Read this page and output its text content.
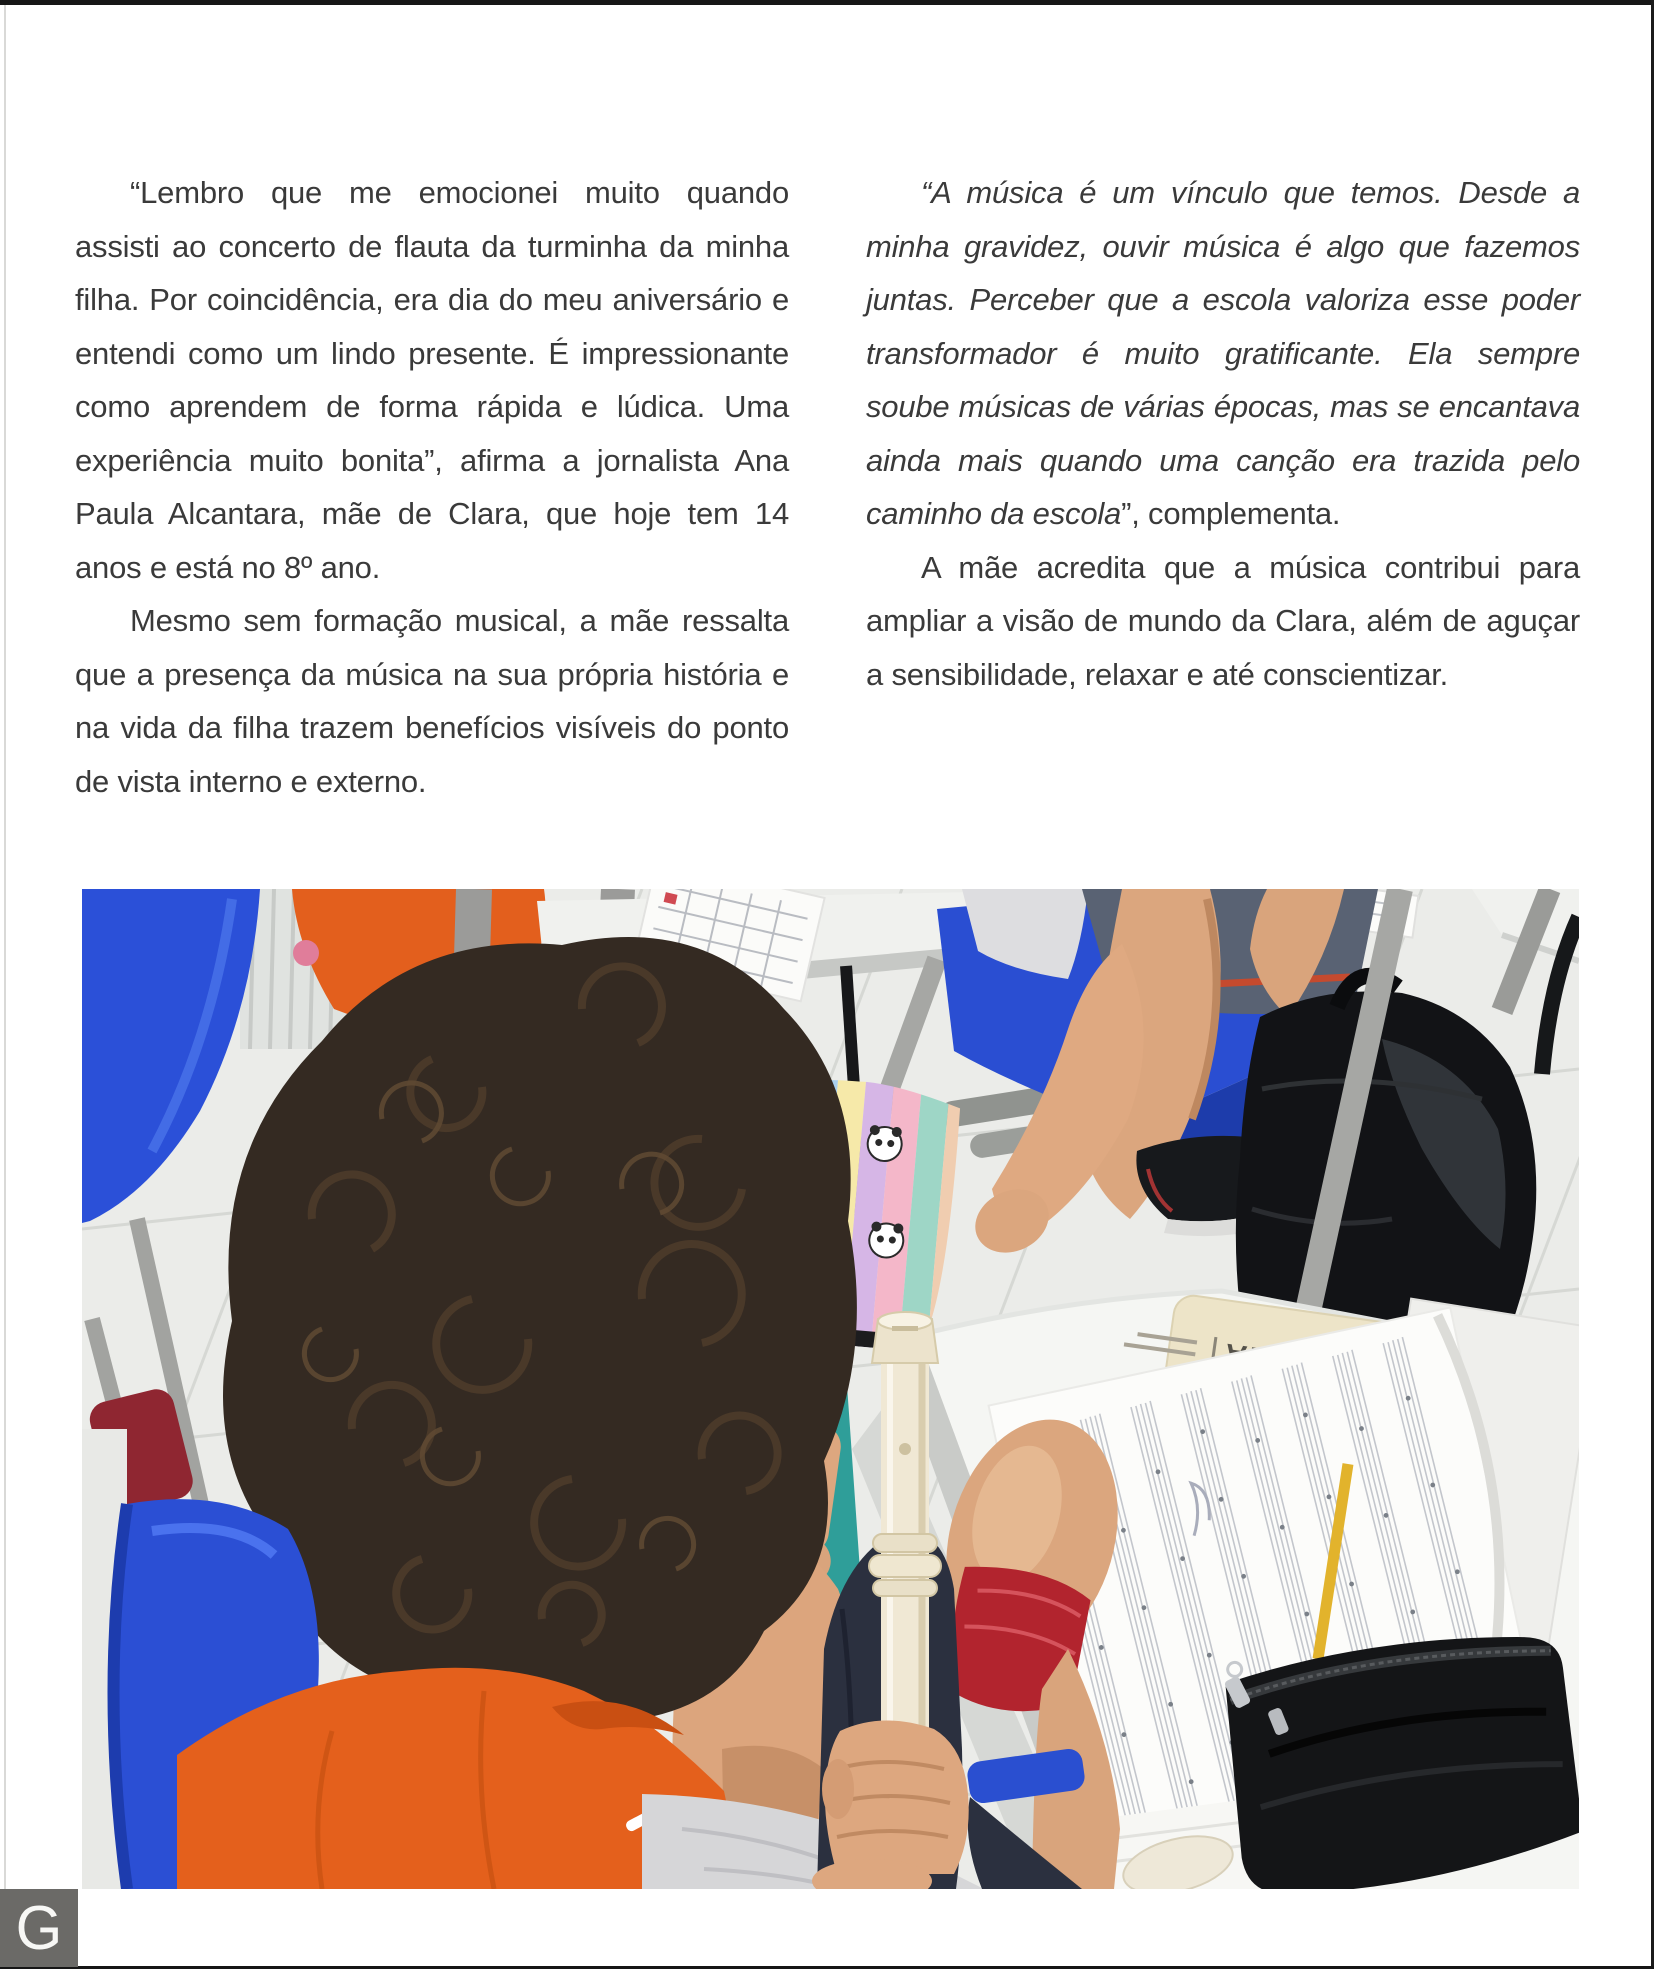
“Lembro que me emocionei muito quando assisti ao concerto de flauta da turminha da minha filha. Por coincidência, era dia do meu aniversário e entendi como um lindo presente. É impressionante como aprendem de forma rápida e lúdica. Uma experiência muito bonita”, afirma a jornalista Ana Paula Alcantara, mãe de Clara, que hoje tem 14 anos e está no 8º ano.

Mesmo sem formação musical, a mãe ressalta que a presença da música na sua própria história e na vida da filha trazem benefícios visíveis do ponto de vista interno e externo.

“A música é um vínculo que temos. Desde a minha gravidez, ouvir música é algo que fazemos juntas. Perceber que a escola valoriza esse poder transformador é muito gratificante. Ela sempre soube músicas de várias épocas, mas se encantava ainda mais quando uma canção era trazida pelo caminho da escola”, complementa.

A mãe acredita que a música contribui para ampliar a visão de mundo da Clara, além de aguçar a sensibilidade, relaxar e até conscientizar.

G
